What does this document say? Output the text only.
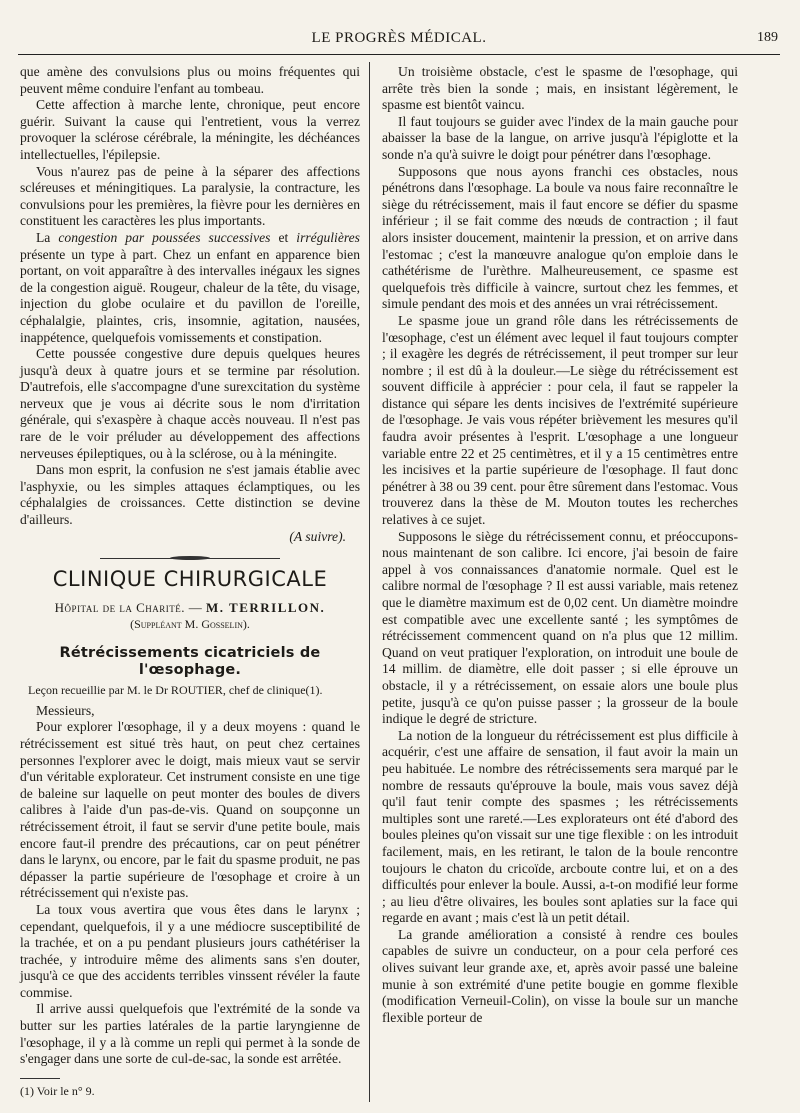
LE PROGRÈS MÉDICAL.	189

que amène des convulsions plus ou moins fréquentes qui peuvent même conduire l'enfant au tombeau.

Cette affection à marche lente, chronique, peut encore guérir. Suivant la cause qui l'entretient, vous la verrez provoquer la sclérose cérébrale, la méningite, les déchéances intellectuelles, l'épilepsie.

Vous n'aurez pas de peine à la séparer des affections scléreuses et méningitiques. La paralysie, la contracture, les convulsions pour les premières, la fièvre pour les dernières en constituent les caractères les plus importants.

La congestion par poussées successives et irrégulières présente un type à part. Chez un enfant en apparence bien portant, on voit apparaître à des intervalles inégaux les signes de la congestion aiguë. Rougeur, chaleur de la tête, du visage, injection du globe oculaire et du pavillon de l'oreille, céphalalgie, plaintes, cris, insomnie, agitation, nausées, inappétence, quelquefois vomissements et constipation.

Cette poussée congestive dure depuis quelques heures jusqu'à deux à quatre jours et se termine par résolution. D'autrefois, elle s'accompagne d'une surexcitation du système nerveux que je vous ai décrite sous le nom d'irritation générale, qui s'exaspère à chaque accès nouveau. Il n'est pas rare de le voir préluder au développement des affections nerveuses épileptiques, ou à la sclérose, ou à la méningite.

Dans mon esprit, la confusion ne s'est jamais établie avec l'asphyxie, ou les simples attaques éclamptiques, ou les céphalalgies de croissances. Cette distinction se devine d'ailleurs.

(A suivre).
CLINIQUE CHIRURGICALE
Hôpital de la Charité. — M. TERRILLON.
(Suppléant M. Gosselin).
Rétrécissements cicatriciels de l'œsophage.
Leçon recueillie par M. le Dr ROUTIER, chef de clinique(1).
Messieurs,

Pour explorer l'œsophage, il y a deux moyens : quand le rétrécissement est situé très haut, on peut chez certaines personnes l'explorer avec le doigt, mais mieux vaut se servir d'un véritable explorateur. Cet instrument consiste en une tige de baleine sur laquelle on peut monter des boules de divers calibres à l'aide d'un pas-de-vis. Quand on soupçonne un rétrécissement étroit, il faut se servir d'une petite boule, mais encore faut-il prendre des précautions, car on peut pénétrer dans le larynx, ou encore, par le fait du spasme produit, ne pas dépasser la partie supérieure de l'œsophage et croire à un rétrécissement qui n'existe pas.

La toux vous avertira que vous êtes dans le larynx ; cependant, quelquefois, il y a une médiocre susceptibilité de la trachée, et on a pu pendant plusieurs jours cathétériser la trachée, y introduire même des aliments sans s'en douter, jusqu'à ce que des accidents terribles vinssent révéler la faute commise.

Il arrive aussi quelquefois que l'extrémité de la sonde va butter sur les parties latérales de la partie laryngienne de l'œsophage, il y a là comme un repli qui permet à la sonde de s'engager dans une sorte de cul-de-sac, la sonde est arrêtée.

(1) Voir le n° 9.

Un troisième obstacle, c'est le spasme de l'œsophage, qui arrête très bien la sonde ; mais, en insistant légèrement, le spasme est bientôt vaincu.

Il faut toujours se guider avec l'index de la main gauche pour abaisser la base de la langue, on arrive jusqu'à l'épiglotte et la sonde n'a qu'à suivre le doigt pour pénétrer dans l'œsophage.

Supposons que nous ayons franchi ces obstacles, nous pénétrons dans l'œsophage. La boule va nous faire reconnaître le siège du rétrécissement, mais il faut encore se défier du spasme inférieur ; il se fait comme des nœuds de contraction ; il faut alors insister doucement, maintenir la pression, et on arrive dans l'estomac ; c'est la manœuvre analogue qu'on emploie dans le cathétérisme de l'urèthre. Malheureusement, ce spasme est quelquefois très difficile à vaincre, surtout chez les femmes, et simule pendant des mois et des années un vrai rétrécissement.

Le spasme joue un grand rôle dans les rétrécissements de l'œsophage, c'est un élément avec lequel il faut toujours compter ; il exagère les degrés de rétrécissement, il peut tromper sur leur nombre ; il est dû à la douleur.—Le siège du rétrécissement est souvent difficile à apprécier : pour cela, il faut se rappeler la distance qui sépare les dents incisives de l'extrémité supérieure de l'œsophage. Je vais vous répéter brièvement les mesures qu'il faudra avoir présentes à l'esprit. L'œsophage a une longueur variable entre 22 et 25 centimètres, et il y a 15 centimètres entre les incisives et la partie supérieure de l'œsophage. Il faut donc pénétrer à 38 ou 39 cent. pour être sûrement dans l'estomac. Vous trouverez dans la thèse de M. Mouton toutes les recherches relatives à ce sujet.

Supposons le siège du rétrécissement connu, et préoccupons-nous maintenant de son calibre. Ici encore, j'ai besoin de faire appel à vos connaissances d'anatomie normale. Quel est le calibre normal de l'œsophage ? Il est aussi variable, mais retenez que le diamètre maximum est de 0,02 cent. Un diamètre moindre est compatible avec une excellente santé ; les symptômes de rétrécissement commencent quand on n'a plus que 12 millim. Quand on veut pratiquer l'exploration, on introduit une boule de 14 millim. de diamètre, elle doit passer ; si elle éprouve un obstacle, il y a rétrécissement, on essaie alors une boule plus petite, jusqu'à ce qu'on puisse passer ; la grosseur de la boule indique le degré de stricture.

La notion de la longueur du rétrécissement est plus difficile à acquérir, c'est une affaire de sensation, il faut avoir la main un peu habituée. Le nombre des rétrécissements sera marqué par le nombre de ressauts qu'éprouve la boule, mais vous savez déjà qu'il faut tenir compte des spasmes ; les rétrécissements multiples sont une rareté.—Les explorateurs ont été d'abord des boules pleines qu'on vissait sur une tige flexible : on les introduit facilement, mais, en les retirant, le talon de la boule rencontre toujours le chaton du cricoïde, arcboute contre lui, et on a des difficultés pour enlever la boule. Aussi, a-t-on modifié leur forme ; au lieu d'être olivaires, les boules sont aplaties sur la face qui regarde en avant ; mais c'est là un petit détail.

La grande amélioration a consisté à rendre ces boules capables de suivre un conducteur, on a pour cela perforé ces olives suivant leur grande axe, et, après avoir passé une baleine munie à son extrémité d'une petite bougie en gomme flexible (modification Verneuil-Colin), on visse la boule sur un manche flexible porteur de
